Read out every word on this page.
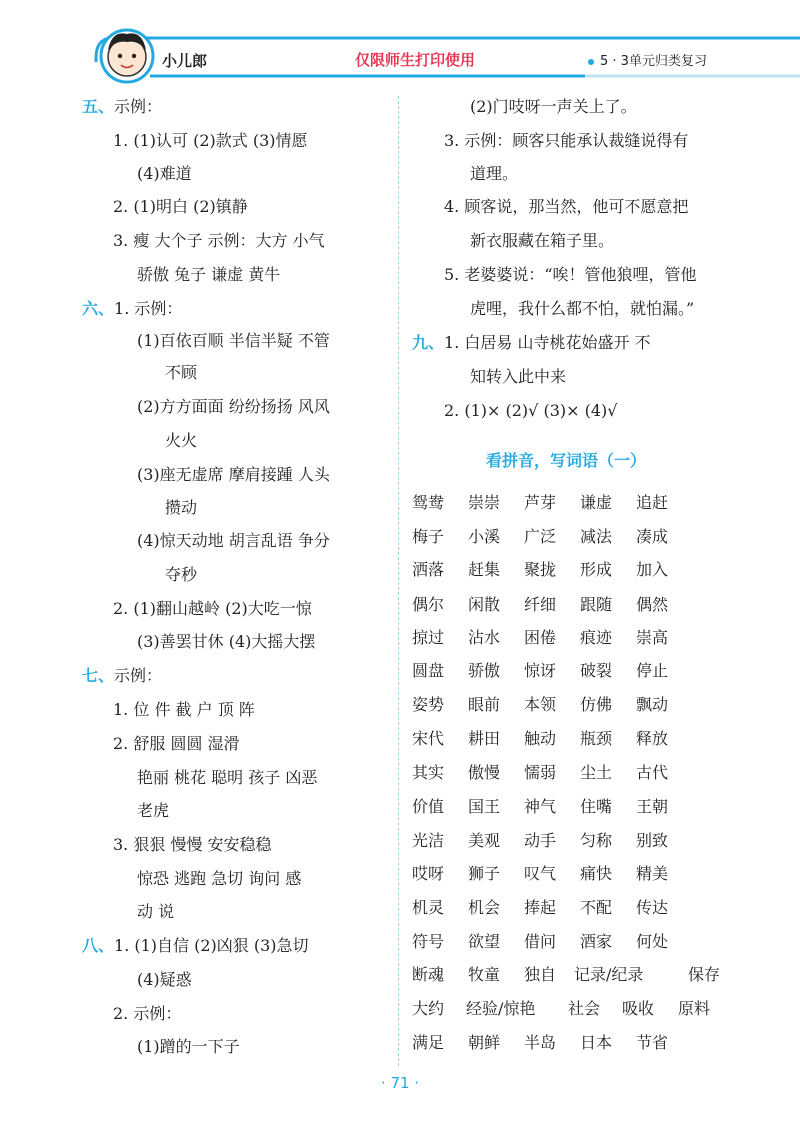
小儿郎	仅限师生打印使用	5 · 3单元归类复习
五、示例：
1. (1)认可 (2)款式 (3)情愿
(4)难道
2. (1)明白 (2)镇静
3. 瘦 大个子 示例：大方 小气
骄傲 兔子 谦虚 黄牛
六、1. 示例：
(1)百依百顺 半信半疑 不管
不顾
(2)方方面面 纷纷扬扬 风风
火火
(3)座无虚席 摩肩接踵 人头
攒动
(4)惊天动地 胡言乱语 争分
夺秒
2. (1)翻山越岭 (2)大吃一惊
(3)善罢甘休 (4)大摇大摆
七、示例：
1. 位 件 截 户 顶 阵
2. 舒服 圆圆 湿滑
艳丽 桃花 聪明 孩子 凶恶
老虎
3. 狠狠 慢慢 安安稳稳
惊恐 逃跑 急切 询问 感
动 说
八、1. (1)自信 (2)凶狠 (3)急切
(4)疑惑
2. 示例：
(1)蹭的一下子
(2)门吱呀一声关上了。
3. 示例：顾客只能承认裁缝说得有
道理。
4. 顾客说，那当然，他可不愿意把
新衣服藏在箱子里。
5. 老婆婆说：“唉！管他狼哩，管他
虎哩，我什么都不怕，就怕漏。”
九、1. 白居易 山寺桃花始盛开 不
知转入此中来
2. (1)× (2)√ (3)× (4)√
看拼音，写词语（一）
鸳鸯 崇崇 芦芽 谦虚 追赶
梅子 小溪 广泛 减法 凑成
洒落 赶集 聚拢 形成 加入
偶尔 闲散 纤细 跟随 偶然
掠过 沾水 困倦 痕迹 崇高
圆盘 骄傲 惊讶 破裂 停止
姿势 眼前 本领 仿佛 飘动
宋代 耕田 触动 瓶颈 释放
其实 傲慢 懦弱 尘土 古代
价值 国王 神气 住嘴 王朝
光洁 美观 动手 匀称 别致
哎呀 狮子 叹气 痛快 精美
机灵 机会 捧起 不配 传达
符号 欲望 借问 酒家 何处
断魂 牧童 独自 记录/纪录	保存
大约 经验/惊艳 社会 吸收 原料
满足 朝鲜 半岛 日本 节省
· 71 ·
